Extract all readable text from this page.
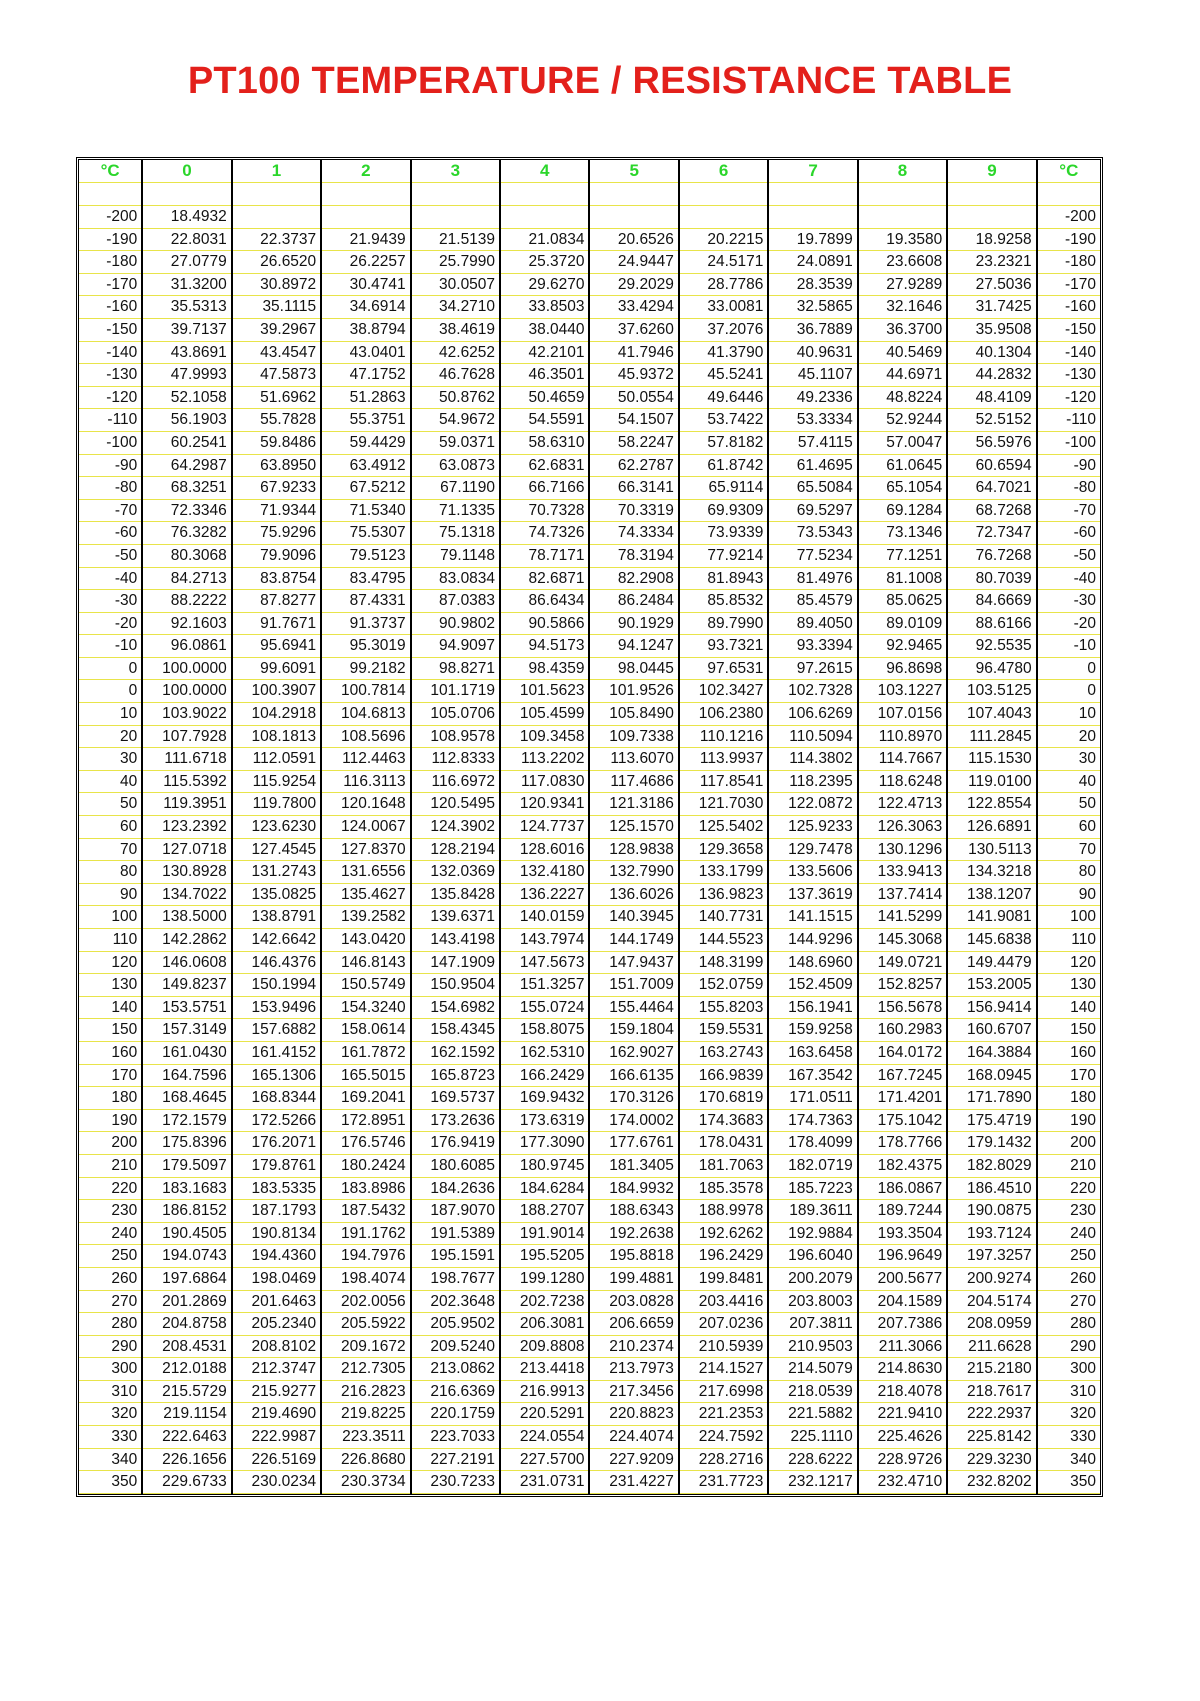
PT100 TEMPERATURE / RESISTANCE TABLE
°C	0	1	2	3	4	5	6	7	8	9	°C

-200	18.4932										-200
-190	22.8031	22.3737	21.9439	21.5139	21.0834	20.6526	20.2215	19.7899	19.3580	18.9258	-190
-180	27.0779	26.6520	26.2257	25.7990	25.3720	24.9447	24.5171	24.0891	23.6608	23.2321	-180
-170	31.3200	30.8972	30.4741	30.0507	29.6270	29.2029	28.7786	28.3539	27.9289	27.5036	-170
-160	35.5313	35.1115	34.6914	34.2710	33.8503	33.4294	33.0081	32.5865	32.1646	31.7425	-160
-150	39.7137	39.2967	38.8794	38.4619	38.0440	37.6260	37.2076	36.7889	36.3700	35.9508	-150
-140	43.8691	43.4547	43.0401	42.6252	42.2101	41.7946	41.3790	40.9631	40.5469	40.1304	-140
-130	47.9993	47.5873	47.1752	46.7628	46.3501	45.9372	45.5241	45.1107	44.6971	44.2832	-130
-120	52.1058	51.6962	51.2863	50.8762	50.4659	50.0554	49.6446	49.2336	48.8224	48.4109	-120
-110	56.1903	55.7828	55.3751	54.9672	54.5591	54.1507	53.7422	53.3334	52.9244	52.5152	-110
-100	60.2541	59.8486	59.4429	59.0371	58.6310	58.2247	57.8182	57.4115	57.0047	56.5976	-100
-90	64.2987	63.8950	63.4912	63.0873	62.6831	62.2787	61.8742	61.4695	61.0645	60.6594	-90
-80	68.3251	67.9233	67.5212	67.1190	66.7166	66.3141	65.9114	65.5084	65.1054	64.7021	-80
-70	72.3346	71.9344	71.5340	71.1335	70.7328	70.3319	69.9309	69.5297	69.1284	68.7268	-70
-60	76.3282	75.9296	75.5307	75.1318	74.7326	74.3334	73.9339	73.5343	73.1346	72.7347	-60
-50	80.3068	79.9096	79.5123	79.1148	78.7171	78.3194	77.9214	77.5234	77.1251	76.7268	-50
-40	84.2713	83.8754	83.4795	83.0834	82.6871	82.2908	81.8943	81.4976	81.1008	80.7039	-40
-30	88.2222	87.8277	87.4331	87.0383	86.6434	86.2484	85.8532	85.4579	85.0625	84.6669	-30
-20	92.1603	91.7671	91.3737	90.9802	90.5866	90.1929	89.7990	89.4050	89.0109	88.6166	-20
-10	96.0861	95.6941	95.3019	94.9097	94.5173	94.1247	93.7321	93.3394	92.9465	92.5535	-10
0	100.0000	99.6091	99.2182	98.8271	98.4359	98.0445	97.6531	97.2615	96.8698	96.4780	0
0	100.0000	100.3907	100.7814	101.1719	101.5623	101.9526	102.3427	102.7328	103.1227	103.5125	0
10	103.9022	104.2918	104.6813	105.0706	105.4599	105.8490	106.2380	106.6269	107.0156	107.4043	10
20	107.7928	108.1813	108.5696	108.9578	109.3458	109.7338	110.1216	110.5094	110.8970	111.2845	20
30	111.6718	112.0591	112.4463	112.8333	113.2202	113.6070	113.9937	114.3802	114.7667	115.1530	30
40	115.5392	115.9254	116.3113	116.6972	117.0830	117.4686	117.8541	118.2395	118.6248	119.0100	40
50	119.3951	119.7800	120.1648	120.5495	120.9341	121.3186	121.7030	122.0872	122.4713	122.8554	50
60	123.2392	123.6230	124.0067	124.3902	124.7737	125.1570	125.5402	125.9233	126.3063	126.6891	60
70	127.0718	127.4545	127.8370	128.2194	128.6016	128.9838	129.3658	129.7478	130.1296	130.5113	70
80	130.8928	131.2743	131.6556	132.0369	132.4180	132.7990	133.1799	133.5606	133.9413	134.3218	80
90	134.7022	135.0825	135.4627	135.8428	136.2227	136.6026	136.9823	137.3619	137.7414	138.1207	90
100	138.5000	138.8791	139.2582	139.6371	140.0159	140.3945	140.7731	141.1515	141.5299	141.9081	100
110	142.2862	142.6642	143.0420	143.4198	143.7974	144.1749	144.5523	144.9296	145.3068	145.6838	110
120	146.0608	146.4376	146.8143	147.1909	147.5673	147.9437	148.3199	148.6960	149.0721	149.4479	120
130	149.8237	150.1994	150.5749	150.9504	151.3257	151.7009	152.0759	152.4509	152.8257	153.2005	130
140	153.5751	153.9496	154.3240	154.6982	155.0724	155.4464	155.8203	156.1941	156.5678	156.9414	140
150	157.3149	157.6882	158.0614	158.4345	158.8075	159.1804	159.5531	159.9258	160.2983	160.6707	150
160	161.0430	161.4152	161.7872	162.1592	162.5310	162.9027	163.2743	163.6458	164.0172	164.3884	160
170	164.7596	165.1306	165.5015	165.8723	166.2429	166.6135	166.9839	167.3542	167.7245	168.0945	170
180	168.4645	168.8344	169.2041	169.5737	169.9432	170.3126	170.6819	171.0511	171.4201	171.7890	180
190	172.1579	172.5266	172.8951	173.2636	173.6319	174.0002	174.3683	174.7363	175.1042	175.4719	190
200	175.8396	176.2071	176.5746	176.9419	177.3090	177.6761	178.0431	178.4099	178.7766	179.1432	200
210	179.5097	179.8761	180.2424	180.6085	180.9745	181.3405	181.7063	182.0719	182.4375	182.8029	210
220	183.1683	183.5335	183.8986	184.2636	184.6284	184.9932	185.3578	185.7223	186.0867	186.4510	220
230	186.8152	187.1793	187.5432	187.9070	188.2707	188.6343	188.9978	189.3611	189.7244	190.0875	230
240	190.4505	190.8134	191.1762	191.5389	191.9014	192.2638	192.6262	192.9884	193.3504	193.7124	240
250	194.0743	194.4360	194.7976	195.1591	195.5205	195.8818	196.2429	196.6040	196.9649	197.3257	250
260	197.6864	198.0469	198.4074	198.7677	199.1280	199.4881	199.8481	200.2079	200.5677	200.9274	260
270	201.2869	201.6463	202.0056	202.3648	202.7238	203.0828	203.4416	203.8003	204.1589	204.5174	270
280	204.8758	205.2340	205.5922	205.9502	206.3081	206.6659	207.0236	207.3811	207.7386	208.0959	280
290	208.4531	208.8102	209.1672	209.5240	209.8808	210.2374	210.5939	210.9503	211.3066	211.6628	290
300	212.0188	212.3747	212.7305	213.0862	213.4418	213.7973	214.1527	214.5079	214.8630	215.2180	300
310	215.5729	215.9277	216.2823	216.6369	216.9913	217.3456	217.6998	218.0539	218.4078	218.7617	310
320	219.1154	219.4690	219.8225	220.1759	220.5291	220.8823	221.2353	221.5882	221.9410	222.2937	320
330	222.6463	222.9987	223.3511	223.7033	224.0554	224.4074	224.7592	225.1110	225.4626	225.8142	330
340	226.1656	226.5169	226.8680	227.2191	227.5700	227.9209	228.2716	228.6222	228.9726	229.3230	340
350	229.6733	230.0234	230.3734	230.7233	231.0731	231.4227	231.7723	232.1217	232.4710	232.8202	350
